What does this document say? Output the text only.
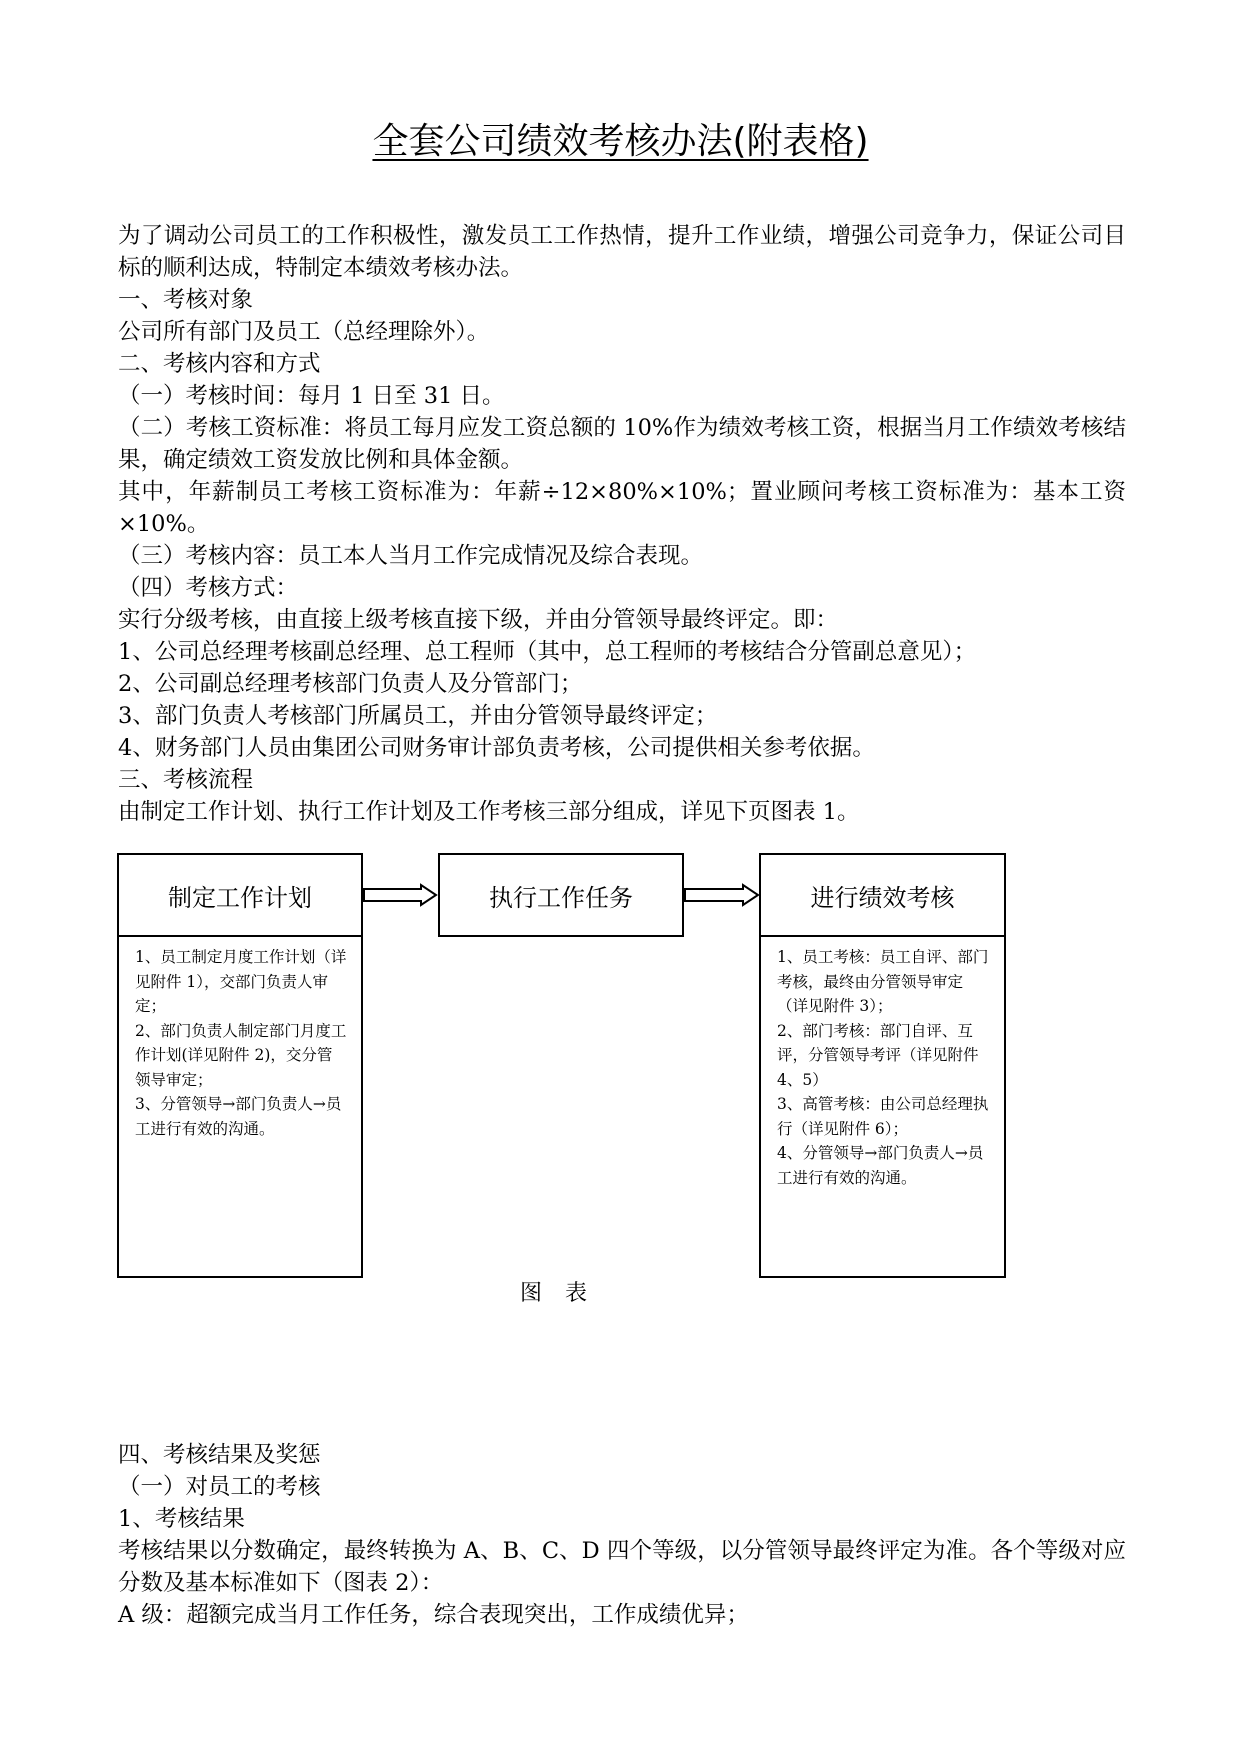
全套公司绩效考核办法(附表格)

为了调动公司员工的工作积极性，激发员工工作热情，提升工作业绩，增强公司竞争力，保证公司目标的顺利达成，特制定本绩效考核办法。

一、考核对象

公司所有部门及员工（总经理除外）。

二、考核内容和方式

（一）考核时间：每月 1 日至 31 日。

（二）考核工资标准：将员工每月应发工资总额的 10%作为绩效考核工资，根据当月工作绩效考核结果，确定绩效工资发放比例和具体金额。

其中，年薪制员工考核工资标准为：年薪÷12×80%×10%；置业顾问考核工资标准为：基本工资×10%。

（三）考核内容：员工本人当月工作完成情况及综合表现。

（四）考核方式：

实行分级考核，由直接上级考核直接下级，并由分管领导最终评定。即：

1、公司总经理考核副总经理、总工程师（其中，总工程师的考核结合分管副总意见）；

2、公司副总经理考核部门负责人及分管部门；

3、部门负责人考核部门所属员工，并由分管领导最终评定；

4、财务部门人员由集团公司财务审计部负责考核，公司提供相关参考依据。

三、考核流程

由制定工作计划、执行工作计划及工作考核三部分组成，详见下页图表 1。

制定工作计划

1、员工制定月度工作计划（详见附件 1），交部门负责人审定；

2、部门负责人制定部门月度工作计划(详见附件 2)，交分管领导审定；

3、分管领导→部门负责人→员工进行有效的沟通。

执行工作任务	进行绩效考核

1、员工考核：员工自评、部门考核，最终由分管领导审定（详见附件 3）；

2、部门考核：部门自评、互评，分管领导考评（详见附件 4、5）

3、高管考核：由公司总经理执行（详见附件 6）；

4、分管领导→部门负责人→员工进行有效的沟通。

图 表

四、考核结果及奖惩

（一）对员工的考核

1、考核结果

考核结果以分数确定，最终转换为 A、B、C、D 四个等级，以分管领导最终评定为准。各个等级对应分数及基本标准如下（图表 2）：

A 级：超额完成当月工作任务，综合表现突出，工作成绩优异；
